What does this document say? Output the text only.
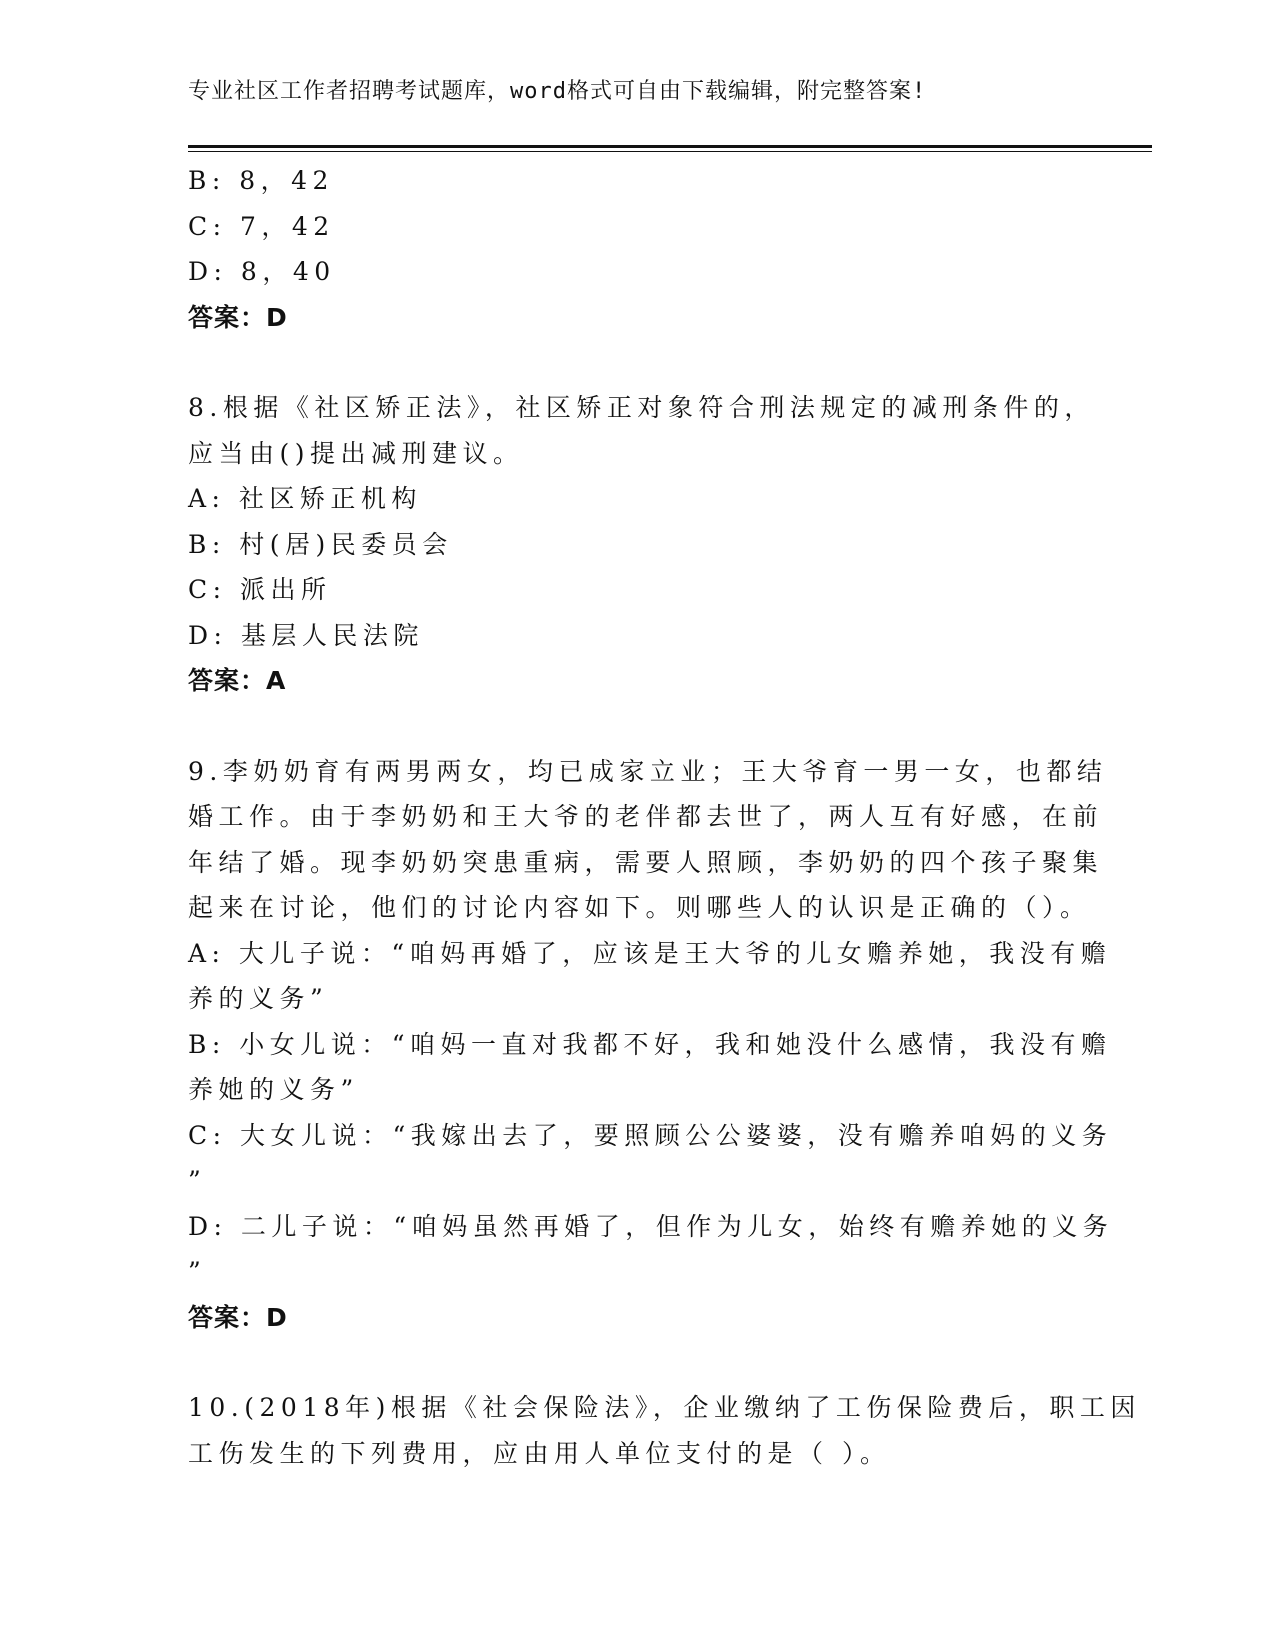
专业社区工作者招聘考试题库，word格式可自由下载编辑，附完整答案!
B: 8，42
C: 7，42
D: 8，40
答案：D
8.根据《社区矫正法》，社区矫正对象符合刑法规定的减刑条件的，
应当由()提出减刑建议。
A: 社区矫正机构
B: 村(居)民委员会
C: 派出所
D: 基层人民法院
答案：A
9.李奶奶育有两男两女，均已成家立业；王大爷育一男一女，也都结
婚工作。由于李奶奶和王大爷的老伴都去世了，两人互有好感，在前
年结了婚。现李奶奶突患重病，需要人照顾，李奶奶的四个孩子聚集
起来在讨论，他们的讨论内容如下。则哪些人的认识是正确的（）。
A: 大儿子说：“咱妈再婚了，应该是王大爷的儿女赡养她，我没有赡
养的义务”
B: 小女儿说：“咱妈一直对我都不好，我和她没什么感情，我没有赡
养她的义务”
C: 大女儿说：“我嫁出去了，要照顾公公婆婆，没有赡养咱妈的义务
”
D: 二儿子说：“咱妈虽然再婚了，但作为儿女，始终有赡养她的义务
”
答案：D
10.(2018年)根据《社会保险法》，企业缴纳了工伤保险费后，职工因
工伤发生的下列费用，应由用人单位支付的是（ ）。
